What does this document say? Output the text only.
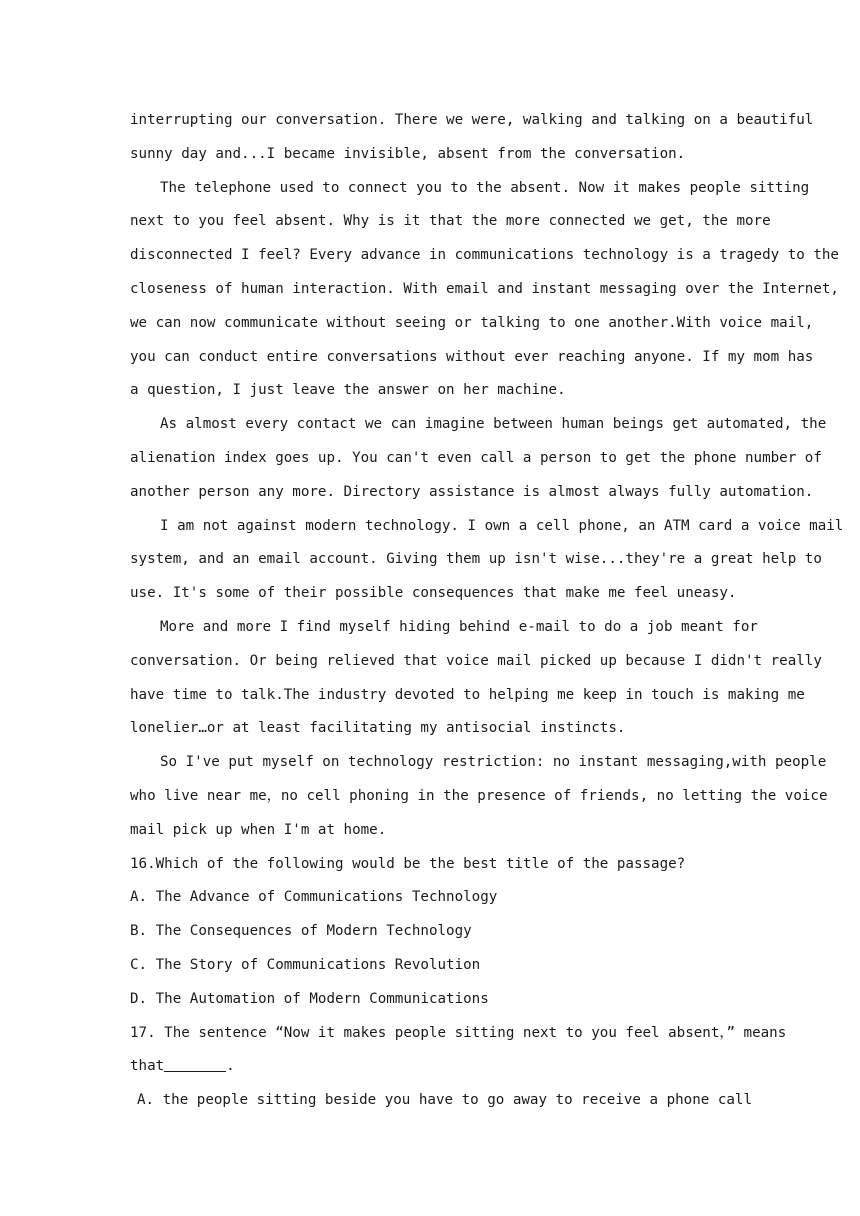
interrupting our conversation. There we were, walking and talking on a beautiful
sunny day and...I became invisible, absent from the conversation.
The telephone used to connect you to the absent. Now it makes people sitting
next to you feel absent. Why is it that the more connected we get, the more
disconnected I feel? Every advance in communications technology is a tragedy to the
closeness of human interaction. With email and instant messaging over the Internet,
we can now communicate without seeing or talking to one another.With voice mail,
you can conduct entire conversations without ever reaching anyone. If my mom has
a question, I just leave the answer on her machine.
As almost every contact we can imagine between human beings get automated, the
alienation index goes up. You can't even call a person to get the phone number of
another person any more. Directory assistance is almost always fully automation.
I am not against modern technology. I own a cell phone, an ATM card a voice mail
system, and an email account. Giving them up isn't wise...they're a great help to
use. It's some of their possible consequences that make me feel uneasy.
More and more I find myself hiding behind e-mail to do a job meant for
conversation. Or being relieved that voice mail picked up because I didn't really
have time to talk.The industry devoted to helping me keep in touch is making me
lonelier…or at least facilitating my antisocial instincts.
So I've put myself on technology restriction: no instant messaging,with people
who live near me，no cell phoning in the presence of friends, no letting the voice
mail pick up when I'm at home.
16.Which of the following would be the best title of the passage?
A. The Advance of Communications Technology
B. The Consequences of Modern Technology
C. The Story of Communications Revolution
D. The Automation of Modern Communications
17. The sentence “Now it makes people sitting next to you feel absent，” means
that	.
A. the people sitting beside you have to go away to receive a phone call
